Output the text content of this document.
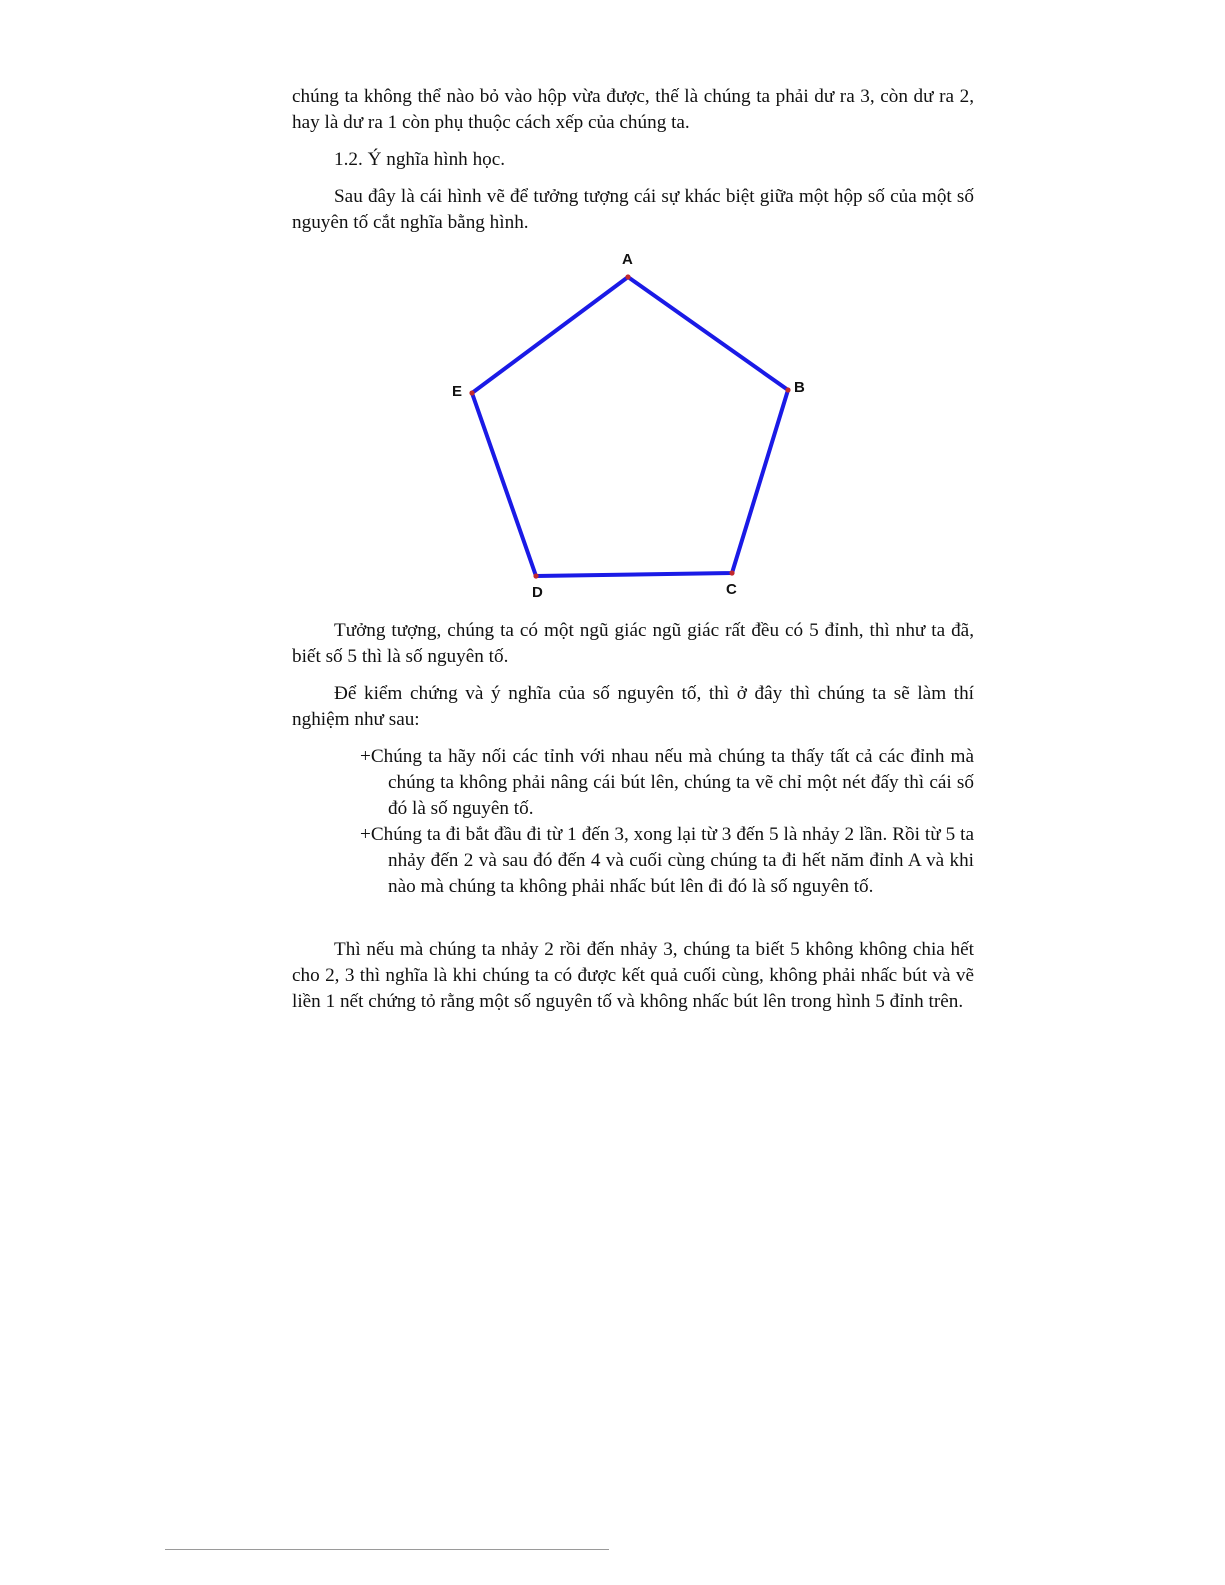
chúng ta không thể nào bỏ vào hộp vừa được, thế là chúng ta phải dư ra 3, còn dư ra 2, hay là dư ra 1 còn phụ thuộc cách xếp của chúng ta.

1.2. Ý nghĩa hình học.

Sau đây là cái hình vẽ để tưởng tượng cái sự khác biệt giữa một hộp số của một số nguyên tố cắt nghĩa bằng hình.

Tưởng tượng, chúng ta có một ngũ giác ngũ giác rất đều có 5 đỉnh, thì như ta đã, biết số 5 thì là số nguyên tố.

Để kiểm chứng và ý nghĩa của số nguyên tố, thì ở đây thì chúng ta sẽ làm thí nghiệm như sau:

+Chúng ta hãy nối các tỉnh với nhau nếu mà chúng ta thấy tất cả các đỉnh mà chúng ta không phải nâng cái bút lên, chúng ta vẽ chỉ một nét đấy thì cái số đó là số nguyên tố.

+Chúng ta đi bắt đầu đi từ 1 đến 3, xong lại từ 3 đến 5 là nhảy 2 lần. Rồi từ 5 ta nhảy đến 2 và sau đó đến 4 và cuối cùng chúng ta đi hết năm đỉnh A và khi nào mà chúng ta không phải nhấc bút lên đi đó là số nguyên tố.

Thì nếu mà chúng ta nhảy 2 rồi đến nhảy 3, chúng ta biết 5 không không chia hết cho 2, 3 thì nghĩa là khi chúng ta có được kết quả cuối cùng, không phải nhấc bút và vẽ liền 1 nết chứng tỏ rằng một số nguyên tố và không nhấc bút lên trong hình 5 đỉnh trên.

A
B
C
D
E
